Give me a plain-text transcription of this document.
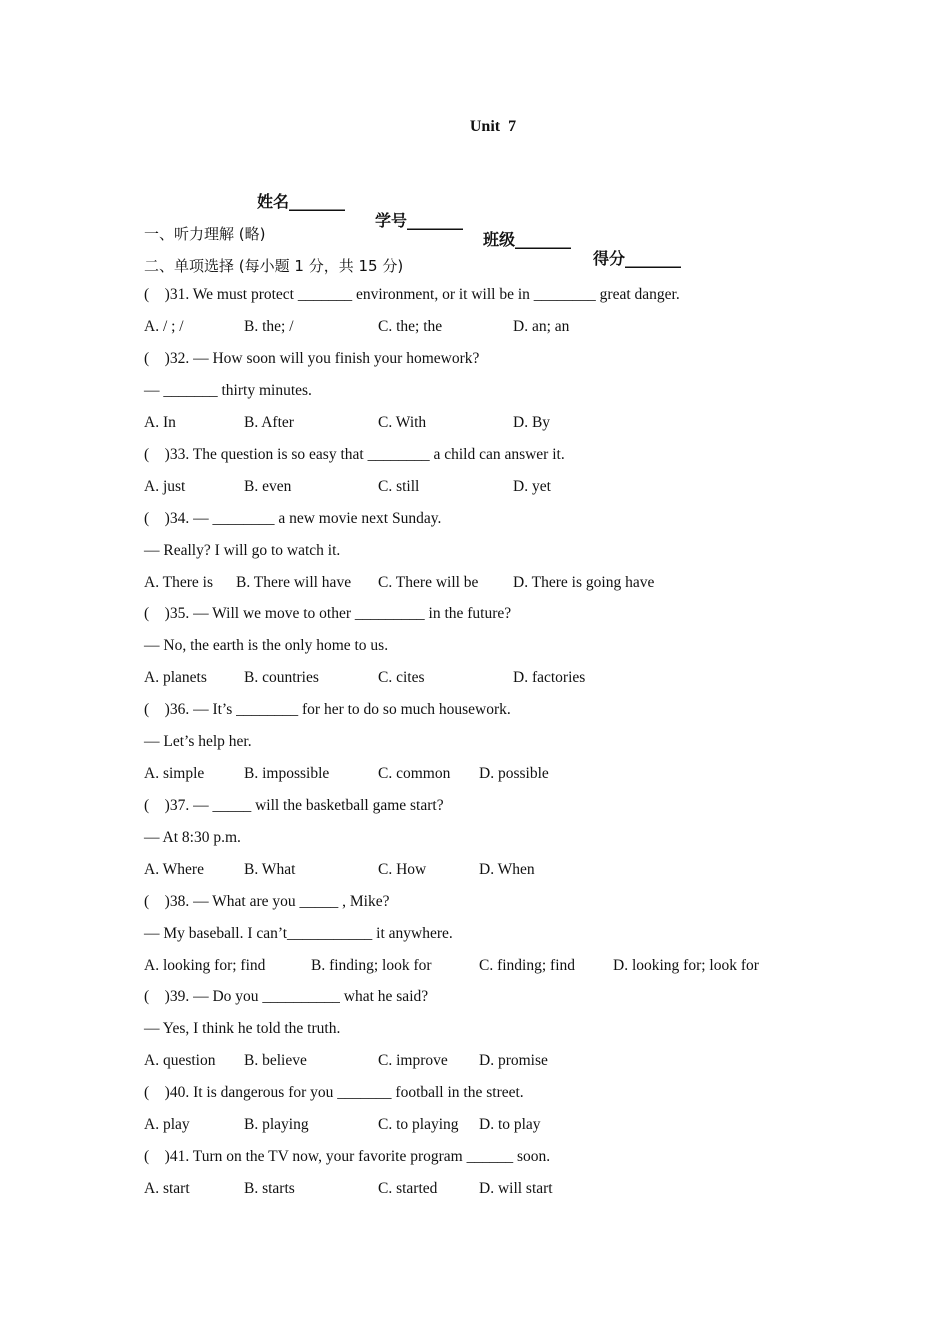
Unit  7

姓名_______

学号_______

班级_______

得分_______

一、听力理解 (略)
二、单项选择 (每小题 1 分，共 15 分)
(    )31. We must protect _______ environment, or it will be in ________ great danger.
A. / ; /	B. the; /	C. the; the	D. an; an
(    )32. — How soon will you finish your homework?
— _______ thirty minutes.
A. In	B. After	C. With	D. By
(    )33. The question is so easy that ________ a child can answer it.
A. just	B. even	C. still	D. yet
(    )34. — ________ a new movie next Sunday.
— Really? I will go to watch it.
A. There is B. There will have C. There will be D. There is going have
(    )35. — Will we move to other _________ in the future?
— No, the earth is the only home to us.
A. planets B. countries	C. cites	D. factories
(    )36. — It’s ________ for her to do so much housework.
— Let’s help her.
A. simple	B. impossible	C. common D. possible
(    )37. — _____ will the basketball game start?
— At 8:30 p.m.
A. Where	B. What	C. How	D. When
(    )38. — What are you _____ , Mike?
— My baseball. I can’t___________ it anywhere.
A. looking for; find	B. finding; look for	C. finding; find D. looking for; look for
(    )39. — Do you __________ what he said?
— Yes, I think he told the truth.
A. question B. believe	C. improve D. promise
(    )40. It is dangerous for you _______ football in the street.
A. play	B. playing	C. to playing D. to play
(    )41. Turn on the TV now, your favorite program ______ soon.
A. start	B. starts	C. started	D. will start
